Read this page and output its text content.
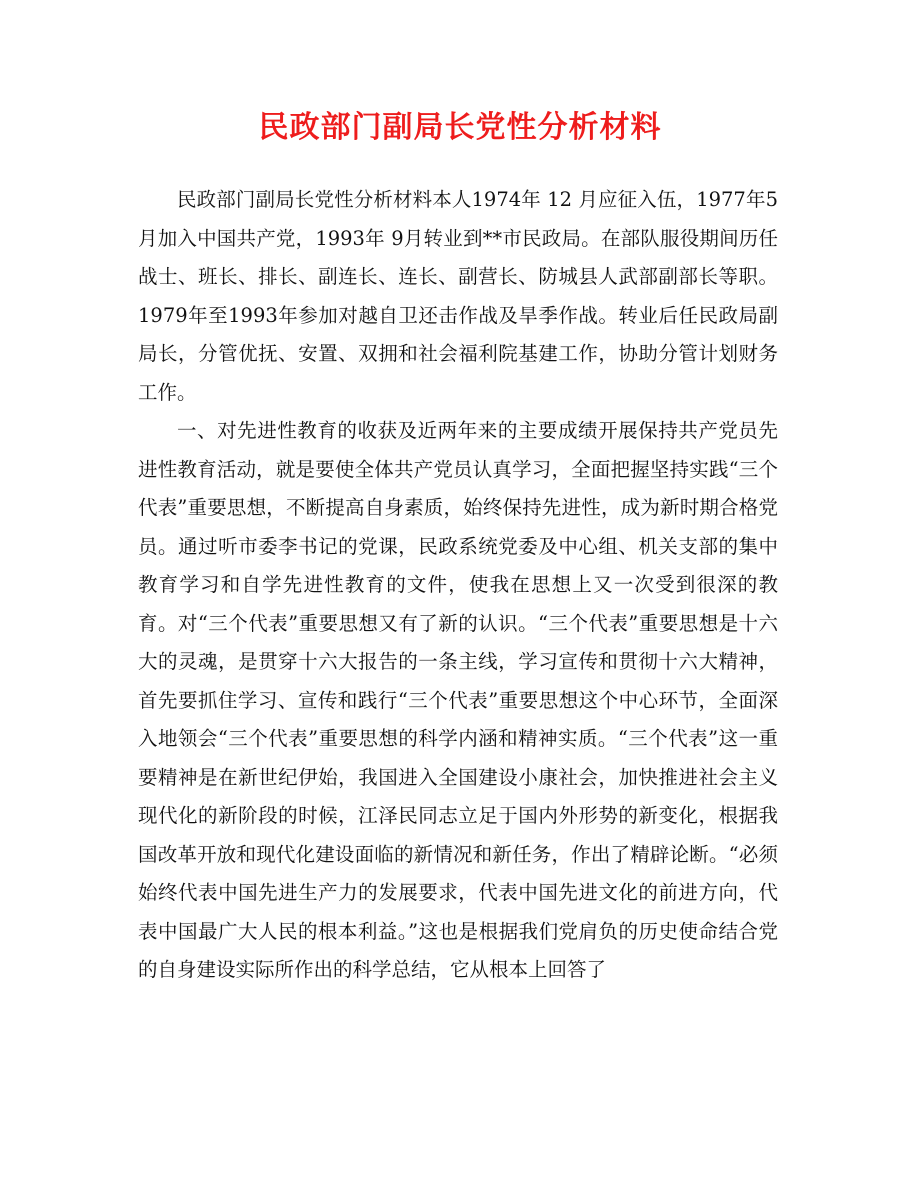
民政部门副局长党性分析材料

民政部门副局长党性分析材料本人1974年 12 月应征入伍，1977年5 月加入中国共产党，1993年 9月转业到**市民政局。在部队服役期间历任战士、班长、排长、副连长、连长、副营长、防城县人武部副部长等职。1979年至1993年参加对越自卫还击作战及旱季作战。转业后任民政局副局长，分管优抚、安置、双拥和社会福利院基建工作，协助分管计划财务工作。

一、对先进性教育的收获及近两年来的主要成绩开展保持共产党员先进性教育活动，就是要使全体共产党员认真学习，全面把握坚持实践“三个代表”重要思想，不断提高自身素质，始终保持先进性，成为新时期合格党员。通过听市委李书记的党课，民政系统党委及中心组、机关支部的集中教育学习和自学先进性教育的文件，使我在思想上又一次受到很深的教育。对“三个代表”重要思想又有了新的认识。“三个代表”重要思想是十六大的灵魂，是贯穿十六大报告的一条主线，学习宣传和贯彻十六大精神，首先要抓住学习、宣传和践行“三个代表”重要思想这个中心环节，全面深入地领会“三个代表”重要思想的科学内涵和精神实质。“三个代表”这一重要精神是在新世纪伊始，我国进入全国建设小康社会，加快推进社会主义现代化的新阶段的时候，江泽民同志立足于国内外形势的新变化，根据我国改革开放和现代化建设面临的新情况和新任务，作出了精辟论断。“必须始终代表中国先进生产力的发展要求，代表中国先进文化的前进方向，代表中国最广大人民的根本利益。”这也是根据我们党肩负的历史使命结合党的自身建设实际所作出的科学总结，它从根本上回答了
